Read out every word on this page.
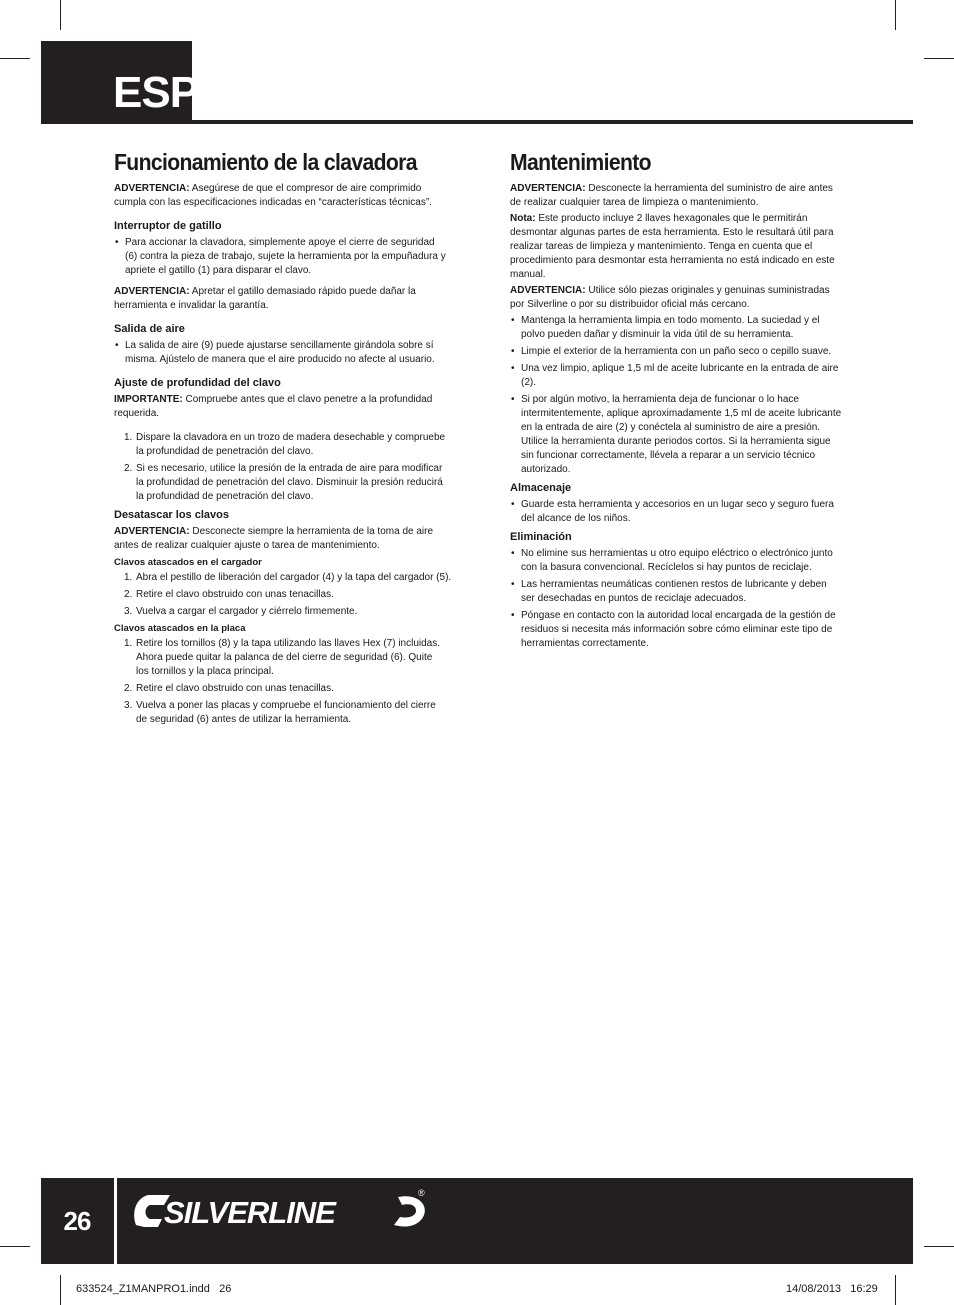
ESP
Funcionamiento de la clavadora

ADVERTENCIA: Asegúrese de que el compresor de aire comprimido cumpla con las especificaciones indicadas en “características técnicas”.

Interruptor de gatillo
• Para accionar la clavadora, simplemente apoye el cierre de seguridad (6) contra la pieza de trabajo, sujete la herramienta por la empuñadura y apriete el gatillo (1) para disparar el clavo.

ADVERTENCIA: Apretar el gatillo demasiado rápido puede dañar la herramienta e invalidar la garantía.

Salida de aire
• La salida de aire (9) puede ajustarse sencillamente girándola sobre sí misma. Ajústelo de manera que el aire producido no afecte al usuario.
Ajuste de profundidad del clavo

IMPORTANTE: Compruebe antes que el clavo penetre a la profundidad requerida.

1. Dispare la clavadora en un trozo de madera desechable y compruebe la profundidad de penetración del clavo.
2. Si es necesario, utilice la presión de la entrada de aire para modificar la profundidad de penetración del clavo. Disminuir la presión reducirá la profundidad de penetración del clavo.
Desatascar los clavos

ADVERTENCIA: Desconecte siempre la herramienta de la toma de aire antes de realizar cualquier ajuste o tarea de mantenimiento.

Clavos atascados en el cargador
1. Abra el pestillo de liberación del cargador (4) y la tapa del cargador (5).
2. Retire el clavo obstruido con unas tenacillas.
3. Vuelva a cargar el cargador y ciérrelo firmemente.
Clavos atascados en la placa
1. Retire los tornillos (8) y la tapa utilizando las llaves Hex (7) incluidas. Ahora puede quitar la palanca de del cierre de seguridad (6). Quite los tornillos y la placa principal.
2. Retire el clavo obstruido con unas tenacillas.
3. Vuelva a poner las placas y compruebe el funcionamiento del cierre de seguridad (6) antes de utilizar la herramienta.
Mantenimiento

ADVERTENCIA: Desconecte la herramienta del suministro de aire antes de realizar cualquier tarea de limpieza o mantenimiento.

Nota: Este producto incluye 2 llaves hexagonales que le permitirán desmontar algunas partes de esta herramienta. Esto le resultará útil para realizar tareas de limpieza y mantenimiento. Tenga en cuenta que el procedimiento para desmontar esta herramienta no está indicado en este manual.

ADVERTENCIA: Utilice sólo piezas originales y genuinas suministradas por Silverline o por su distribuidor oficial más cercano.

• Mantenga la herramienta limpia en todo momento. La suciedad y el polvo pueden dañar y disminuir la vida útil de su herramienta.
• Limpie el exterior de la herramienta con un paño seco o cepillo suave.
• Una vez limpio, aplique 1,5 ml de aceite lubricante en la entrada de aire (2).
• Si por algún motivo, la herramienta deja de funcionar o lo hace intermitentemente, aplique aproximadamente 1,5 ml de aceite lubricante en la entrada de aire (2) y conéctela al suministro de aire a presión. Utilice la herramienta durante periodos cortos. Si la herramienta sigue sin funcionar correctamente, llévela a reparar a un servicio técnico autorizado.
Almacenaje
• Guarde esta herramienta y accesorios en un lugar seco y seguro fuera del alcance de los niños.
Eliminación
• No elimine sus herramientas u otro equipo eléctrico o electrónico junto con la basura convencional. Recíclelos si hay puntos de reciclaje.
• Las herramientas neumáticas contienen restos de lubricante y deben ser desechadas en puntos de reciclaje adecuados.
• Póngase en contacto con la autoridad local encargada de la gestión de residuos si necesita más información sobre cómo eliminar este tipo de herramientas correctamente.
26	SILVERLINE
®
633524_Z1MANPRO1.indd   26	14/08/2013   16:29
